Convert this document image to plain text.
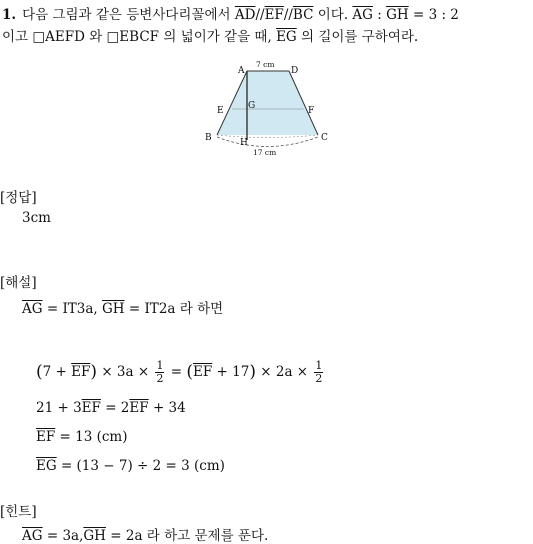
1. 다음 그림과 같은 등변사다리꼴에서 $\overline{AD}//\overline{EF}//\overline{BC}$ 이다. $\overline{AG}$ : $\overline{GH} = 3$ : 2
이고 □AEFD 와 □EBCF 의 넓이가 같을 때, $\overline{EG}$ 의 길이를 구하여라.
A	D
E	G	F
B	H	C
7 cm
17 cm
[정답]
3cm
[해설]
$\overline{AG} = IT3a$, $\overline{GH} = IT2a$ 라 하면
$(7 + \overline{EF}) \times 3a \times \frac{1}{2} = (\overline{EF} + 17) \times 2a \times \frac{1}{2}$
$21 + 3\overline{EF} = 2\overline{EF} + 34$
$\overline{EF} = 13$ (cm)
$\overline{EG} = (13 - 7) \div 2 = 3$ (cm)
[힌트]
$\overline{AG} = 3a,\overline{GH} = 2a$ 라 하고 문제를 푼다.
